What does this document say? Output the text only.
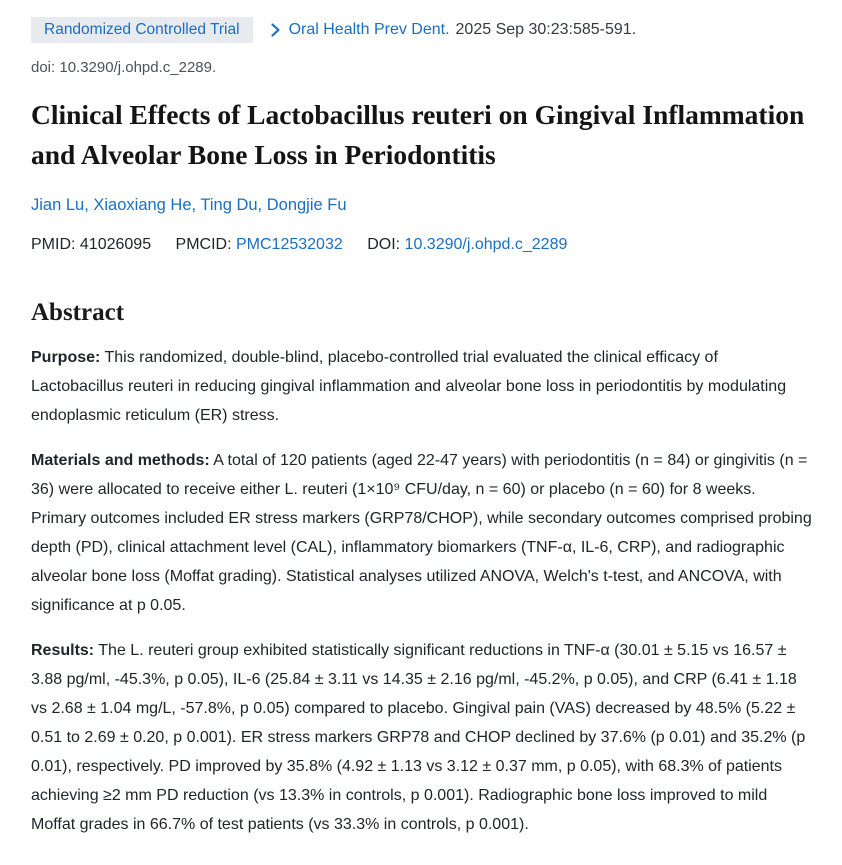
Randomized Controlled Trial	Oral Health Prev Dent. 2025 Sep 30:23:585-591.
doi: 10.3290/j.ohpd.c_2289.
Clinical Effects of Lactobacillus reuteri on Gingival Inflammation and Alveolar Bone Loss in Periodontitis
Jian Lu, Xiaoxiang He, Ting Du, Dongjie Fu
PMID: 41026095 PMCID: PMC12532032 DOI: 10.3290/j.ohpd.c_2289
Abstract

Purpose: This randomized, double-blind, placebo-controlled trial evaluated the clinical efficacy of Lactobacillus reuteri in reducing gingival inflammation and alveolar bone loss in periodontitis by modulating endoplasmic reticulum (ER) stress.

Materials and methods: A total of 120 patients (aged 22-47 years) with periodontitis (n = 84) or gingivitis (n = 36) were allocated to receive either L. reuteri (1×10⁹ CFU/day, n = 60) or placebo (n = 60) for 8 weeks. Primary outcomes included ER stress markers (GRP78/CHOP), while secondary outcomes comprised probing depth (PD), clinical attachment level (CAL), inflammatory biomarkers (TNF-α, IL-6, CRP), and radiographic alveolar bone loss (Moffat grading). Statistical analyses utilized ANOVA, Welch's t-test, and ANCOVA, with significance at p 0.05.

Results: The L. reuteri group exhibited statistically significant reductions in TNF-α (30.01 ± 5.15 vs 16.57 ± 3.88 pg/ml, -45.3%, p 0.05), IL-6 (25.84 ± 3.11 vs 14.35 ± 2.16 pg/ml, -45.2%, p 0.05), and CRP (6.41 ± 1.18 vs 2.68 ± 1.04 mg/L, -57.8%, p 0.05) compared to placebo. Gingival pain (VAS) decreased by 48.5% (5.22 ± 0.51 to 2.69 ± 0.20, p 0.001). ER stress markers GRP78 and CHOP declined by 37.6% (p 0.01) and 35.2% (p 0.01), respectively. PD improved by 35.8% (4.92 ± 1.13 vs 3.12 ± 0.37 mm, p 0.05), with 68.3% of patients achieving ≥2 mm PD reduction (vs 13.3% in controls, p 0.001). Radiographic bone loss improved to mild Moffat grades in 66.7% of test patients (vs 33.3% in controls, p 0.001).
